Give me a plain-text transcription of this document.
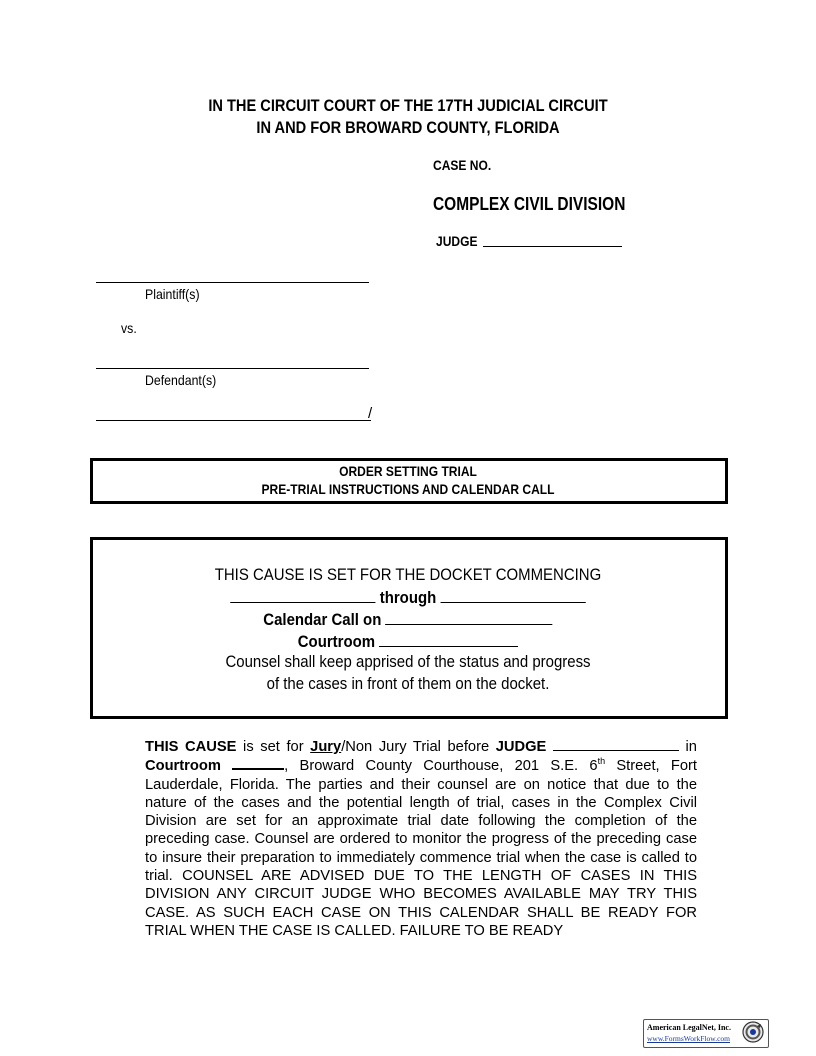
IN THE CIRCUIT COURT OF THE 17TH JUDICIAL CIRCUIT
IN AND FOR BROWARD COUNTY, FLORIDA
CASE NO.
COMPLEX CIVIL DIVISION
JUDGE
Plaintiff(s)
vs.
Defendant(s)
/
ORDER SETTING TRIAL
PRE-TRIAL INSTRUCTIONS AND CALENDAR CALL
THIS CAUSE IS SET FOR THE DOCKET COMMENCING
through
Calendar Call on
Courtroom
Counsel shall keep apprised of the status and progress
of the cases in front of them on the docket.
THIS CAUSE is set for Jury/Non Jury Trial before JUDGE	in Courtroom	, Broward County Courthouse, 201 S.E. 6th Street, Fort Lauderdale, Florida. The parties and their counsel are on notice that due to the nature of the cases and the potential length of trial, cases in the Complex Civil Division are set for an approximate trial date following the completion of the preceding case. Counsel are ordered to monitor the progress of the preceding case to insure their preparation to immediately commence trial when the case is called to trial. COUNSEL ARE ADVISED DUE TO THE LENGTH OF CASES IN THIS DIVISION ANY CIRCUIT JUDGE WHO BECOMES AVAILABLE MAY TRY THIS CASE. AS SUCH EACH CASE ON THIS CALENDAR SHALL BE READY FOR TRIAL WHEN THE CASE IS CALLED. FAILURE TO BE READY
American LegalNet, Inc.
www.FormsWorkFlow.com
